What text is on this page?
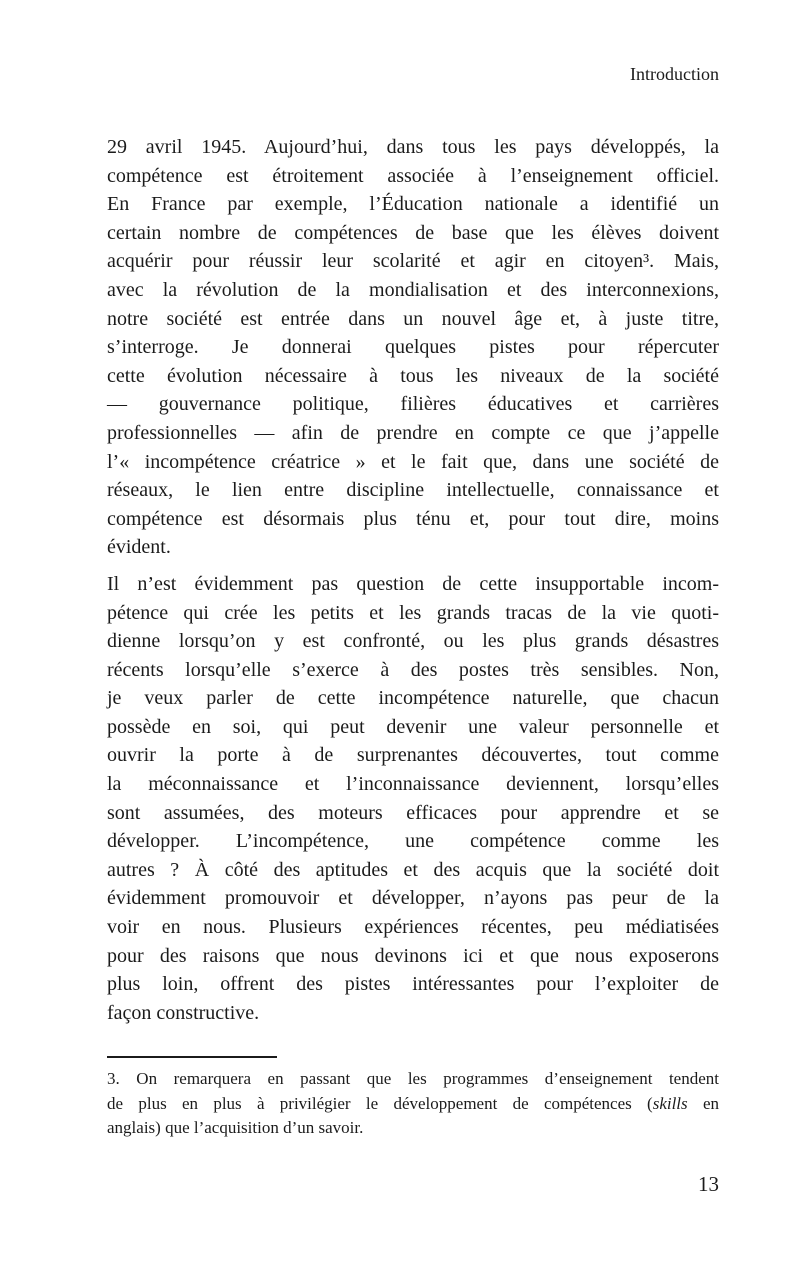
Introduction
29 avril 1945. Aujourd’hui, dans tous les pays développés, la
compétence est étroitement associée à l’enseignement officiel.
En France par exemple, l’Éducation nationale a identifié un
certain nombre de compétences de base que les élèves doivent
acquérir pour réussir leur scolarité et agir en citoyen³. Mais,
avec la révolution de la mondialisation et des interconnexions,
notre société est entrée dans un nouvel âge et, à juste titre,
s’interroge. Je donnerai quelques pistes pour répercuter
cette évolution nécessaire à tous les niveaux de la société
— gouvernance politique, filières éducatives et carrières
professionnelles — afin de prendre en compte ce que j’appelle
l’« incompétence créatrice » et le fait que, dans une société de
réseaux, le lien entre discipline intellectuelle, connaissance et
compétence est désormais plus ténu et, pour tout dire, moins
évident.
Il n’est évidemment pas question de cette insupportable incom-
pétence qui crée les petits et les grands tracas de la vie quoti-
dienne lorsqu’on y est confronté, ou les plus grands désastres
récents lorsqu’elle s’exerce à des postes très sensibles. Non,
je veux parler de cette incompétence naturelle, que chacun
possède en soi, qui peut devenir une valeur personnelle et
ouvrir la porte à de surprenantes découvertes, tout comme
la méconnaissance et l’inconnaissance deviennent, lorsqu’elles
sont assumées, des moteurs efficaces pour apprendre et se
développer. L’incompétence, une compétence comme les
autres ? À côté des aptitudes et des acquis que la société doit
évidemment promouvoir et développer, n’ayons pas peur de la
voir en nous. Plusieurs expériences récentes, peu médiatisées
pour des raisons que nous devinons ici et que nous exposerons
plus loin, offrent des pistes intéressantes pour l’exploiter de
façon constructive.
3. On remarquera en passant que les programmes d’enseignement tendent
de plus en plus à privilégier le développement de compétences (skills en
anglais) que l’acquisition d’un savoir.
13
